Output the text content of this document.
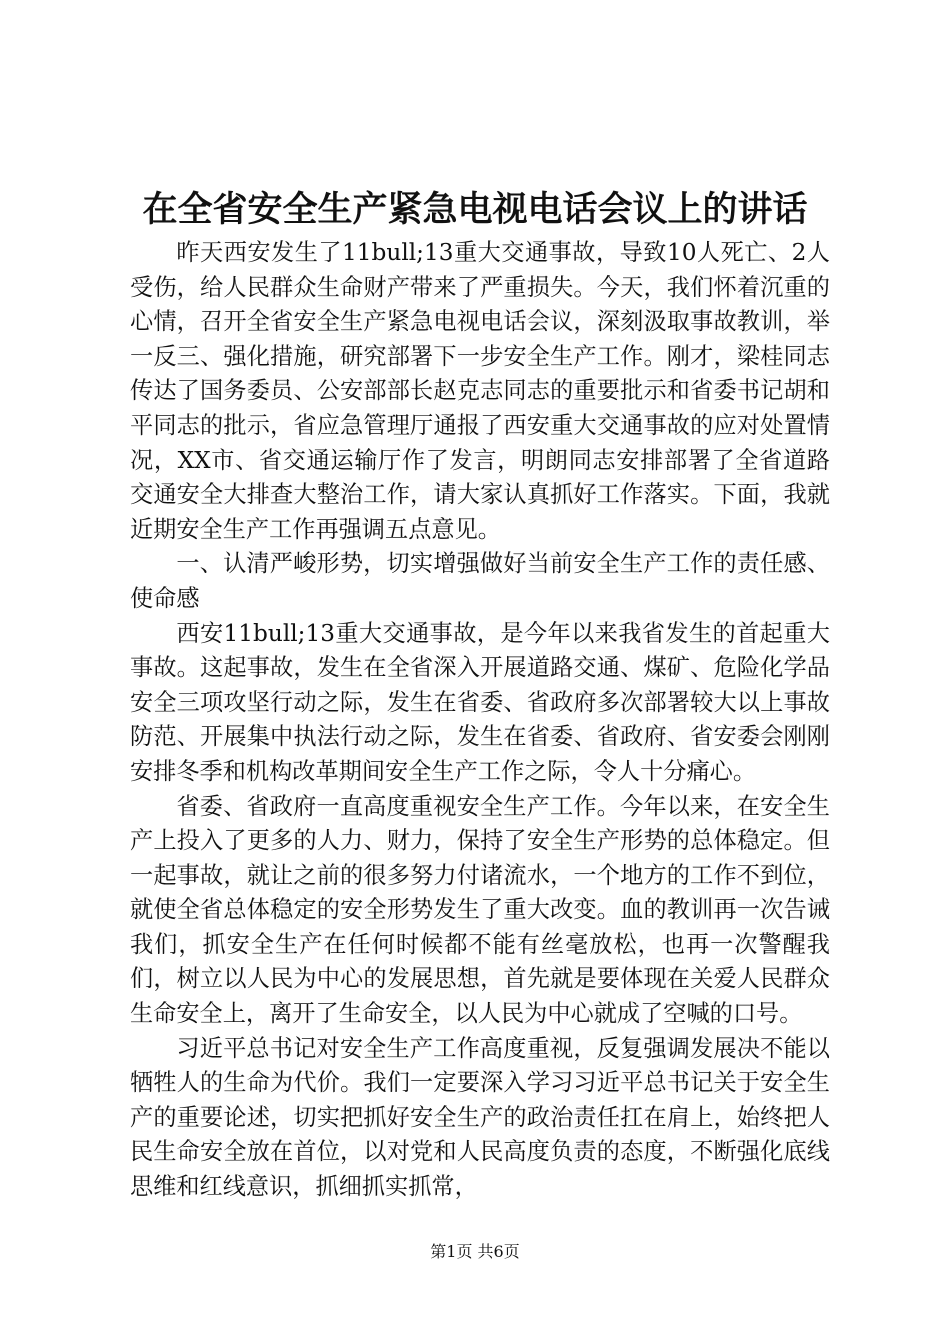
在全省安全生产紧急电视电话会议上的讲话

昨天西安发生了11bull;13重大交通事故，导致10人死亡、2人受伤，给人民群众生命财产带来了严重损失。今天，我们怀着沉重的心情，召开全省安全生产紧急电视电话会议，深刻汲取事故教训，举一反三、强化措施，研究部署下一步安全生产工作。刚才，梁桂同志传达了国务委员、公安部部长赵克志同志的重要批示和省委书记胡和平同志的批示，省应急管理厅通报了西安重大交通事故的应对处置情况，XX市、省交通运输厅作了发言，明朗同志安排部署了全省道路交通安全大排查大整治工作，请大家认真抓好工作落实。下面，我就近期安全生产工作再强调五点意见。

一、认清严峻形势，切实增强做好当前安全生产工作的责任感、使命感

西安11bull;13重大交通事故，是今年以来我省发生的首起重大事故。这起事故，发生在全省深入开展道路交通、煤矿、危险化学品安全三项攻坚行动之际，发生在省委、省政府多次部署较大以上事故防范、开展集中执法行动之际，发生在省委、省政府、省安委会刚刚安排冬季和机构改革期间安全生产工作之际，令人十分痛心。

省委、省政府一直高度重视安全生产工作。今年以来，在安全生产上投入了更多的人力、财力，保持了安全生产形势的总体稳定。但一起事故，就让之前的很多努力付诸流水，一个地方的工作不到位，就使全省总体稳定的安全形势发生了重大改变。血的教训再一次告诫我们，抓安全生产在任何时候都不能有丝毫放松，也再一次警醒我们，树立以人民为中心的发展思想，首先就是要体现在关爱人民群众生命安全上，离开了生命安全，以人民为中心就成了空喊的口号。

习近平总书记对安全生产工作高度重视，反复强调发展决不能以牺牲人的生命为代价。我们一定要深入学习习近平总书记关于安全生产的重要论述，切实把抓好安全生产的政治责任扛在肩上，始终把人民生命安全放在首位，以对党和人民高度负责的态度，不断强化底线思维和红线意识，抓细抓实抓常，

第1页 共6页
